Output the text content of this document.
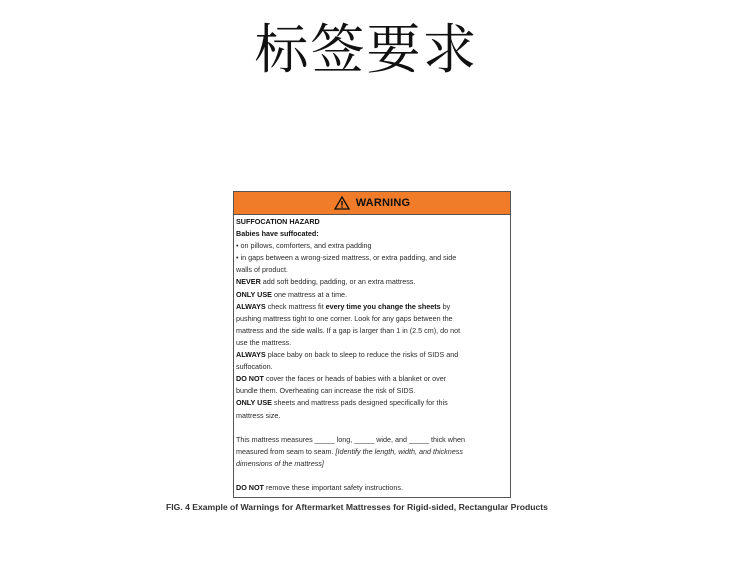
标签要求
WARNING

SUFFOCATION HAZARD

Babies have suffocated:

• on pillows, comforters, and extra padding

• in gaps between a wrong-sized mattress, or extra padding, and side

walls of product.

NEVER add soft bedding, padding, or an extra mattress.

ONLY USE one mattress at a time.

ALWAYS check mattress fit every time you change the sheets by

pushing mattress tight to one corner. Look for any gaps between the

mattress and the side walls. If a gap is larger than 1 in (2.5 cm), do not

use the mattress.

ALWAYS place baby on back to sleep to reduce the risks of SIDS and

suffocation.

DO NOT cover the faces or heads of babies with a blanket or over

bundle them. Overheating can increase the risk of SIDS.

ONLY USE sheets and mattress pads designed specifically for this

mattress size.

This mattress measures _____ long, _____ wide, and _____ thick when

measured from seam to seam. [Identify the length, width, and thickness

dimensions of the mattress]

DO NOT remove these important safety instructions.

FIG. 4 Example of Warnings for Aftermarket Mattresses for Rigid-sided, Rectangular Products
